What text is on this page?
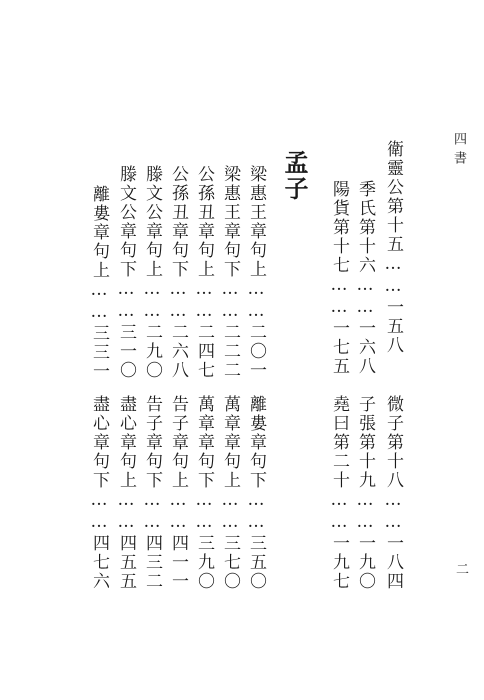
四書
二
孟子	衛靈公第十五……一五八
季氏第十六……一六八
陽貨第十七……一七五
梁惠王章句上……二〇一
梁惠王章句下……二二二
公孫丑章句上……二四七
公孫丑章句下……二六八
滕文公章句上……二九〇
滕文公章句下……三一〇
離婁章句上……三三一
微子第十八……一八四
子張第十九……一九〇
堯曰第二十……一九七
離婁章句下……三五〇
萬章章句上……三七〇
萬章章句下……三九〇
告子章句上……四一一
告子章句下……四三二
盡心章句上……四五五
盡心章句下……四七六
